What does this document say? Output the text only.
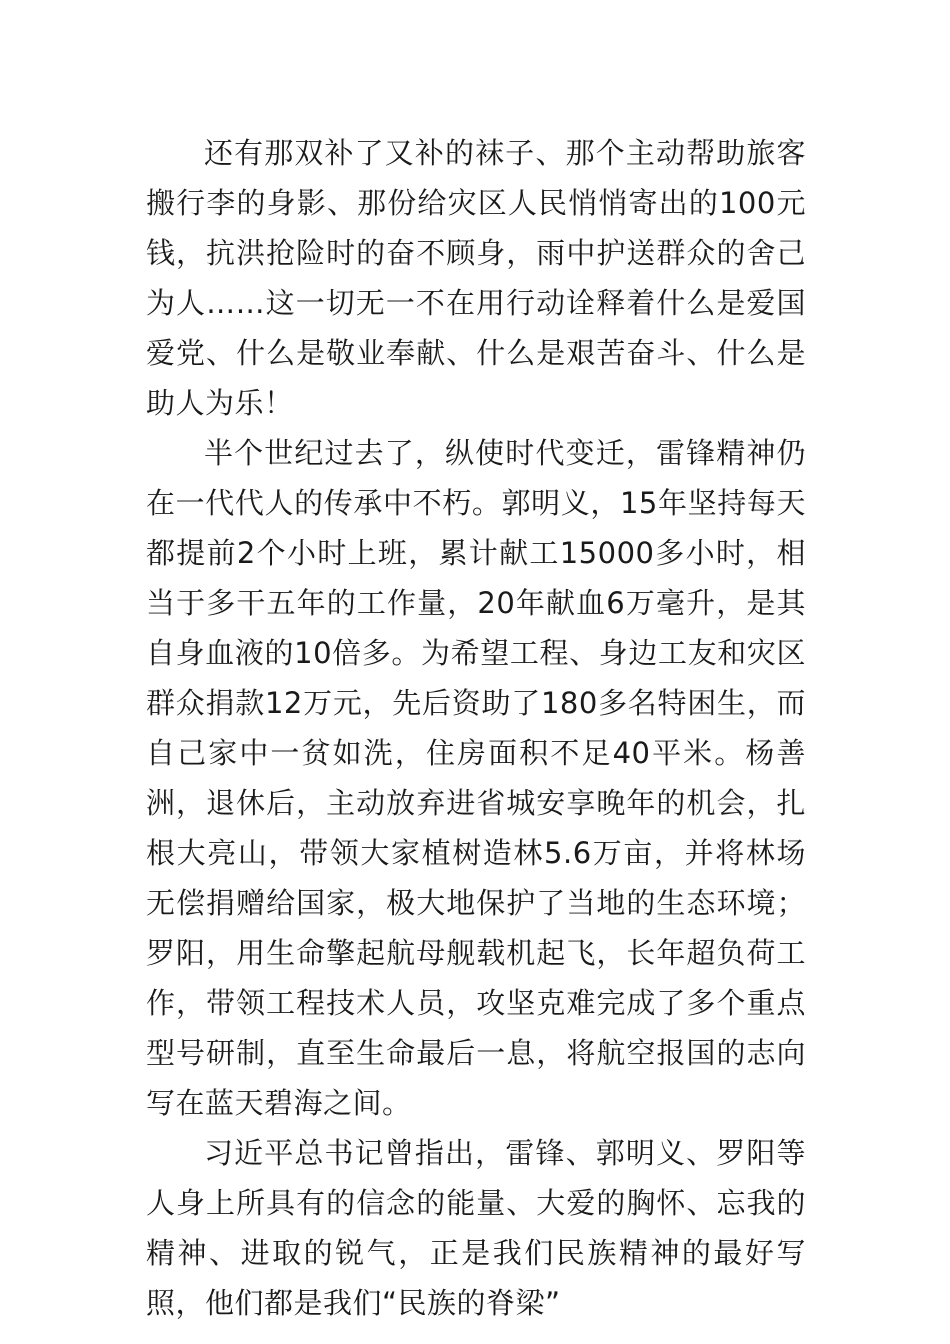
还有那双补了又补的袜子、那个主动帮助旅客搬行李的身影、那份给灾区人民悄悄寄出的100元钱，抗洪抢险时的奋不顾身，雨中护送群众的舍己为人……这一切无一不在用行动诠释着什么是爱国爱党、什么是敬业奉献、什么是艰苦奋斗、什么是助人为乐！

半个世纪过去了，纵使时代变迁，雷锋精神仍在一代代人的传承中不朽。郭明义，15年坚持每天都提前2个小时上班，累计献工15000多小时，相当于多干五年的工作量，20年献血6万毫升，是其自身血液的10倍多。为希望工程、身边工友和灾区群众捐款12万元，先后资助了180多名特困生，而自己家中一贫如洗，住房面积不足40平米。杨善洲，退休后，主动放弃进省城安享晚年的机会，扎根大亮山，带领大家植树造林5.6万亩，并将林场无偿捐赠给国家，极大地保护了当地的生态环境；罗阳，用生命擎起航母舰载机起飞，长年超负荷工作，带领工程技术人员，攻坚克难完成了多个重点型号研制，直至生命最后一息，将航空报国的志向写在蓝天碧海之间。

习近平总书记曾指出，雷锋、郭明义、罗阳等人身上所具有的信念的能量、大爱的胸怀、忘我的精神、进取的锐气，正是我们民族精神的最好写照，他们都是我们“民族的脊梁”
